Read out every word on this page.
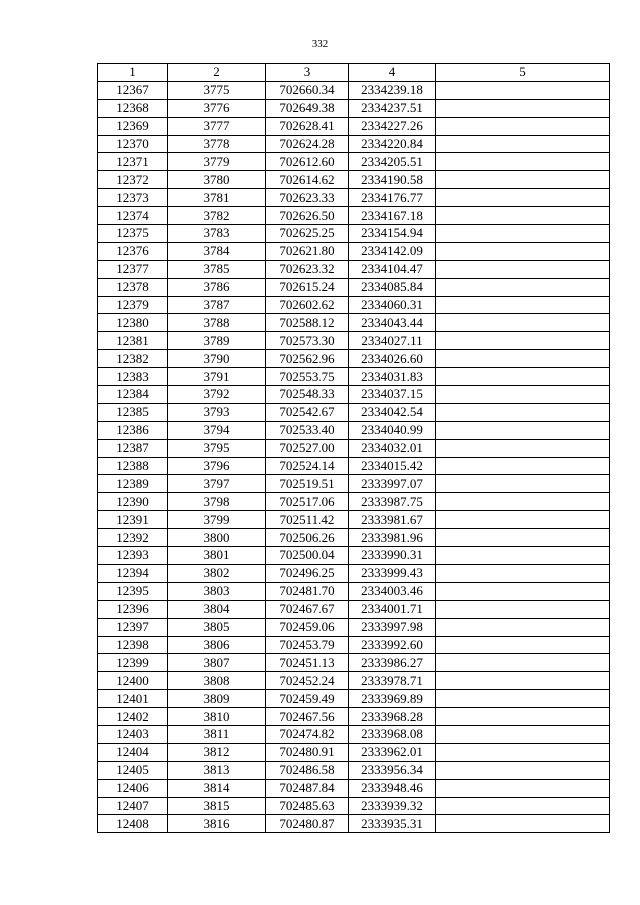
332
1	2	3	4	5
12367	3775	702660.34	2334239.18	
12368	3776	702649.38	2334237.51	
12369	3777	702628.41	2334227.26	
12370	3778	702624.28	2334220.84	
12371	3779	702612.60	2334205.51	
12372	3780	702614.62	2334190.58	
12373	3781	702623.33	2334176.77	
12374	3782	702626.50	2334167.18	
12375	3783	702625.25	2334154.94	
12376	3784	702621.80	2334142.09	
12377	3785	702623.32	2334104.47	
12378	3786	702615.24	2334085.84	
12379	3787	702602.62	2334060.31	
12380	3788	702588.12	2334043.44	
12381	3789	702573.30	2334027.11	
12382	3790	702562.96	2334026.60	
12383	3791	702553.75	2334031.83	
12384	3792	702548.33	2334037.15	
12385	3793	702542.67	2334042.54	
12386	3794	702533.40	2334040.99	
12387	3795	702527.00	2334032.01	
12388	3796	702524.14	2334015.42	
12389	3797	702519.51	2333997.07	
12390	3798	702517.06	2333987.75	
12391	3799	702511.42	2333981.67	
12392	3800	702506.26	2333981.96	
12393	3801	702500.04	2333990.31	
12394	3802	702496.25	2333999.43	
12395	3803	702481.70	2334003.46	
12396	3804	702467.67	2334001.71	
12397	3805	702459.06	2333997.98	
12398	3806	702453.79	2333992.60	
12399	3807	702451.13	2333986.27	
12400	3808	702452.24	2333978.71	
12401	3809	702459.49	2333969.89	
12402	3810	702467.56	2333968.28	
12403	3811	702474.82	2333968.08	
12404	3812	702480.91	2333962.01	
12405	3813	702486.58	2333956.34	
12406	3814	702487.84	2333948.46	
12407	3815	702485.63	2333939.32	
12408	3816	702480.87	2333935.31	
